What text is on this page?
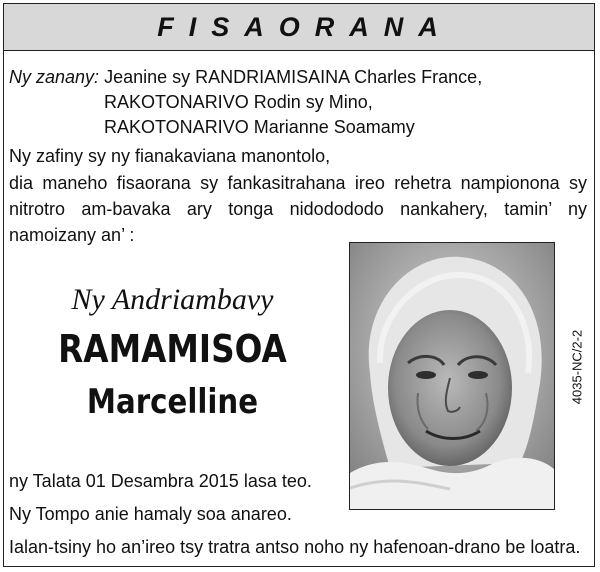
FISAORANA
Ny zanany: Jeanine sy RANDRIAMISAINA Charles France,
RAKOTONARIVO Rodin sy Mino,
RAKOTONARIVO Marianne Soamamy
Ny zafiny sy ny fianakaviana manontolo,
dia maneho fisaorana sy fankasitrahana ireo rehetra nampionona sy nitrotro am-bavaka ary tonga nidodododo nankahery, tamin’ ny namoizany an’ :
Ny Andriambavy
RAMAMISOA
Marcelline	4035-NC/2-2
ny Talata 01 Desambra 2015 lasa teo.
Ny Tompo anie hamaly soa anareo.
Ialan-tsiny ho an’ireo tsy tratra antso noho ny hafenoan-drano be loatra.
